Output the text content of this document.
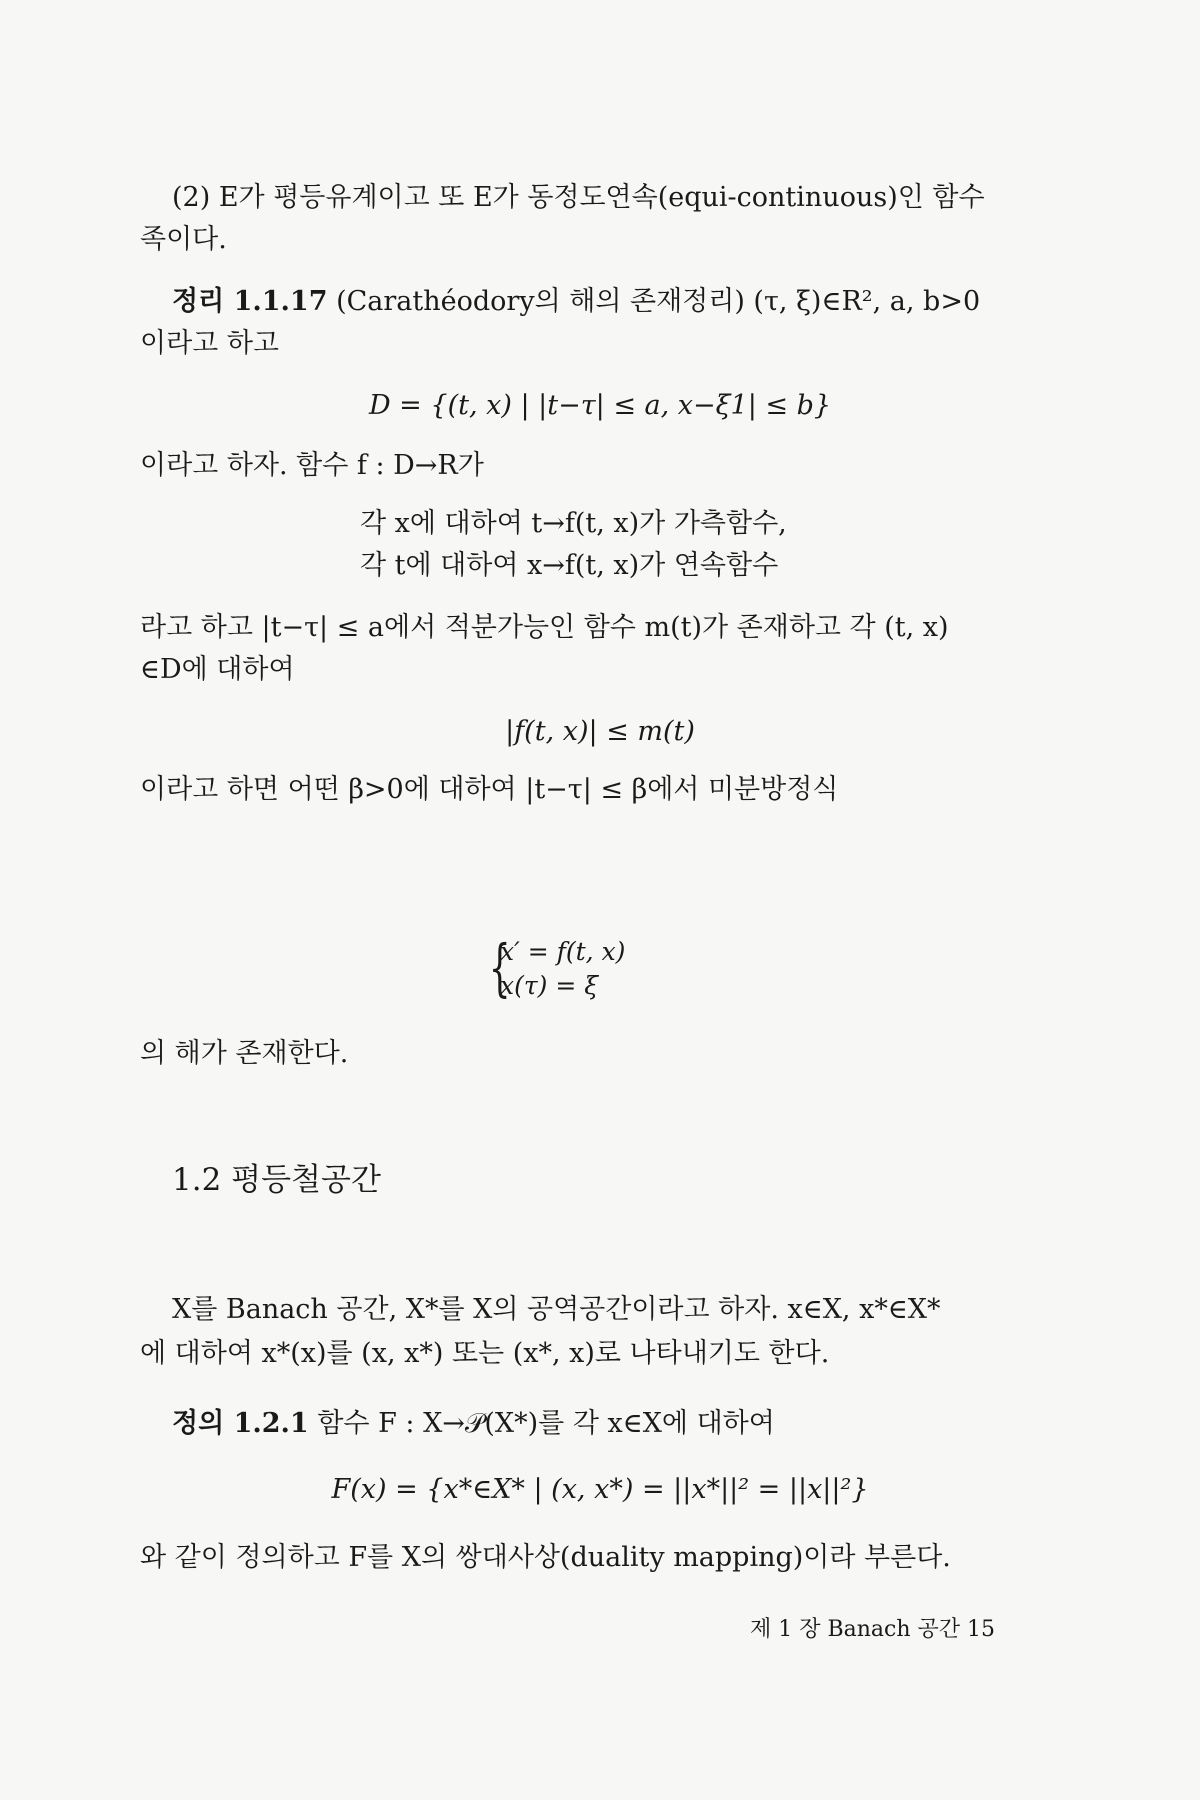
(2) E가 평등유계이고 또 E가 동정도연속(equi-continuous)인 함수
족이다.
정리 1.1.17 (Carathéodory의 해의 존재정리) (τ, ξ)∈R², a, b>0
이라고 하고
D = {(t, x) | |t−τ| ≤ a, x−ξ1| ≤ b}
이라고 하자. 함수 f : D→R가
각 x에 대하여 t→f(t, x)가 가측함수,
각 t에 대하여 x→f(t, x)가 연속함수
라고 하고 |t−τ| ≤ a에서 적분가능인 함수 m(t)가 존재하고 각 (t, x)
∈D에 대하여
|f(t, x)| ≤ m(t)
이라고 하면 어떤 β>0에 대하여 |t−τ| ≤ β에서 미분방정식
{
x′ = f(t, x)
x(τ) = ξ
의 해가 존재한다.
1.2 평등철공간
X를 Banach 공간, X*를 X의 공역공간이라고 하자. x∈X, x*∈X*
에 대하여 x*(x)를 (x, x*) 또는 (x*, x)로 나타내기도 한다.
정의 1.2.1 함수 F : X→𝒫(X*)를 각 x∈X에 대하여
F(x) = {x*∈X* | (x, x*) = ||x*||² = ||x||²}
와 같이 정의하고 F를 X의 쌍대사상(duality mapping)이라 부른다.
제 1 장 Banach 공간 15
